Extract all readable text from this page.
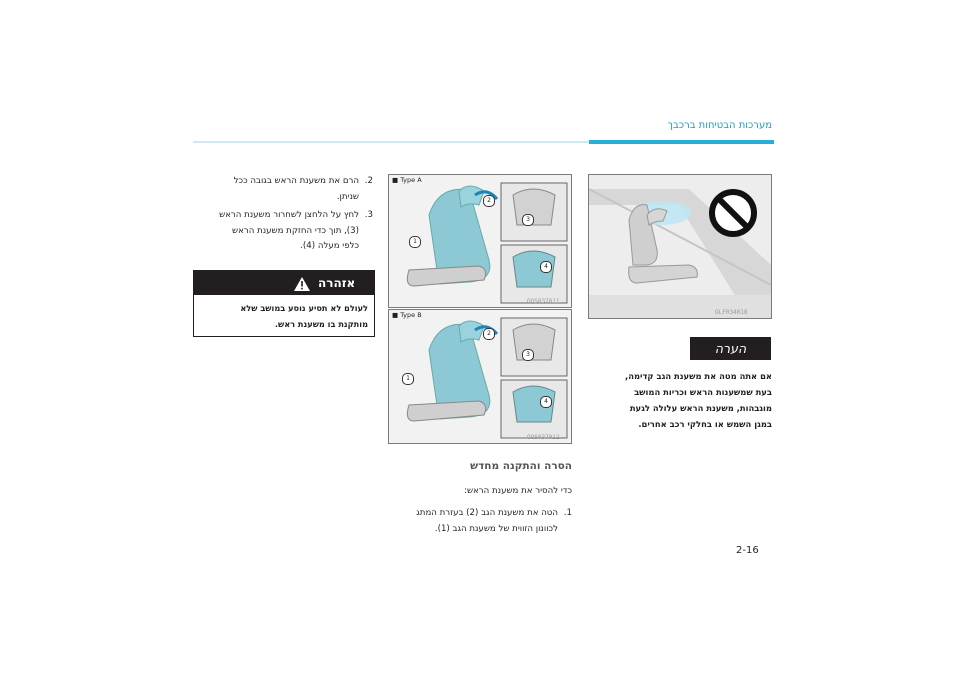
מערכות הבטיחות ברכבך
OLF034018
■ Type A
1
2
3
4
OOS037011
■ Type B
1
2
3
4
OOS037012
הערה
אם אתה מטה את משענת הגב קדימה,
בעת שמשענות הראש וכריות המושב
מוגבהות, משענת הראש עלולה לגעת
במגן השמש או בחלקי רכב אחרים.
הסרה והתקנה מחדש
כדי להסיר את משענת הראש:
1.הטה את משענת הגב (2) בעזרת המתג
לכוונון הזווית של משענת הגב (1).
2.הרם את משענת הראש בגובה ככל
שניתן.
3.לחץ על הלחצן לשחרור משענת הראש
(3), תוך כדי החזקת משענת הראש
כלפי מעלה (4).
אזהרה
לעולם לא תסיע נוסע במושב שלא
מותקנת בו משענת ראש.
2-16
